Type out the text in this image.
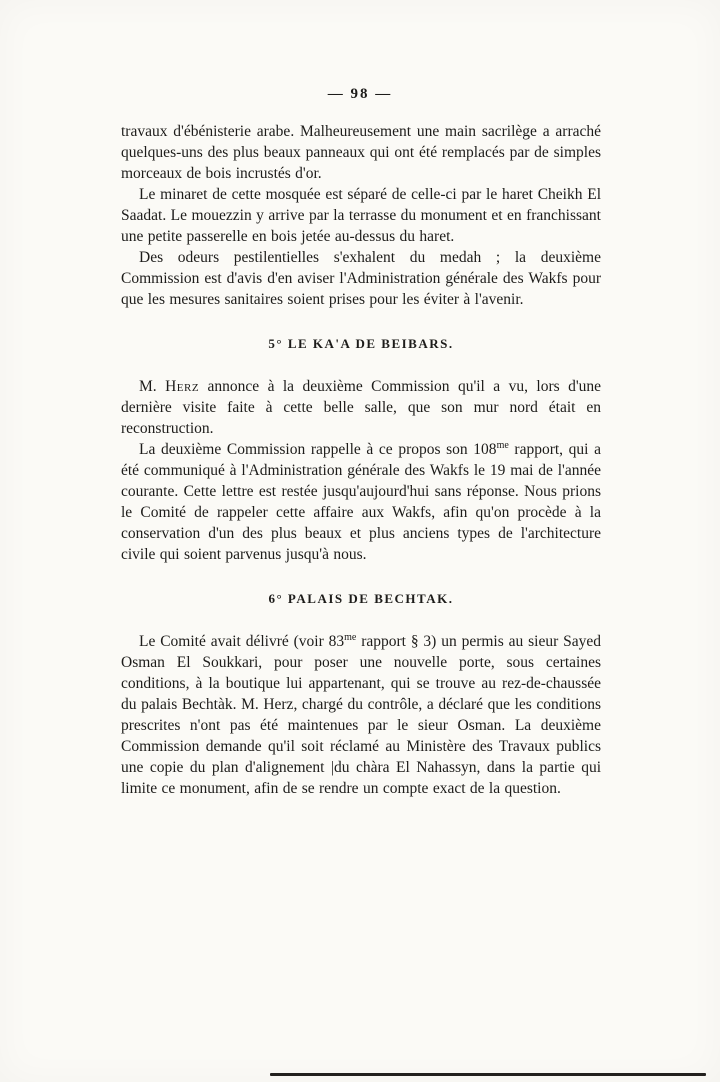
— 98 —

travaux d'ébénisterie arabe. Malheureusement une main sacrilège a arraché quelques-uns des plus beaux panneaux qui ont été remplacés par de simples morceaux de bois incrustés d'or.

Le minaret de cette mosquée est séparé de celle-ci par le haret Cheikh El Saadat. Le mouezzin y arrive par la terrasse du monument et en franchissant une petite passerelle en bois jetée au-dessus du haret.

Des odeurs pestilentielles s'exhalent du medah ; la deuxième Commission est d'avis d'en aviser l'Administration générale des Wakfs pour que les mesures sanitaires soient prises pour les éviter à l'avenir.

5° LE KA'A DE BEIBARS.

M. Herz annonce à la deuxième Commission qu'il a vu, lors d'une dernière visite faite à cette belle salle, que son mur nord était en reconstruction.

La deuxième Commission rappelle à ce propos son $108^{me}$ rapport, qui a été communiqué à l'Administration générale des Wakfs le 19 mai de l'année courante. Cette lettre est restée jusqu'aujourd'hui sans réponse. Nous prions le Comité de rappeler cette affaire aux Wakfs, afin qu'on procède à la conservation d'un des plus beaux et plus anciens types de l'architecture civile qui soient parvenus jusqu'à nous.

6° PALAIS DE BECHTAK.

Le Comité avait délivré (voir $83^{me}$ rapport § 3) un permis au sieur Sayed Osman El Soukkari, pour poser une nouvelle porte, sous certaines conditions, à la boutique lui appartenant, qui se trouve au rez-de-chaussée du palais Bechtàk. M. Herz, chargé du contrôle, a déclaré que les conditions prescrites n'ont pas été maintenues par le sieur Osman. La deuxième Commission demande qu'il soit réclamé au Ministère des Travaux publics une copie du plan d'alignement |du chàra El Nahassyn, dans la partie qui limite ce monument, afin de se rendre un compte exact de la question.
